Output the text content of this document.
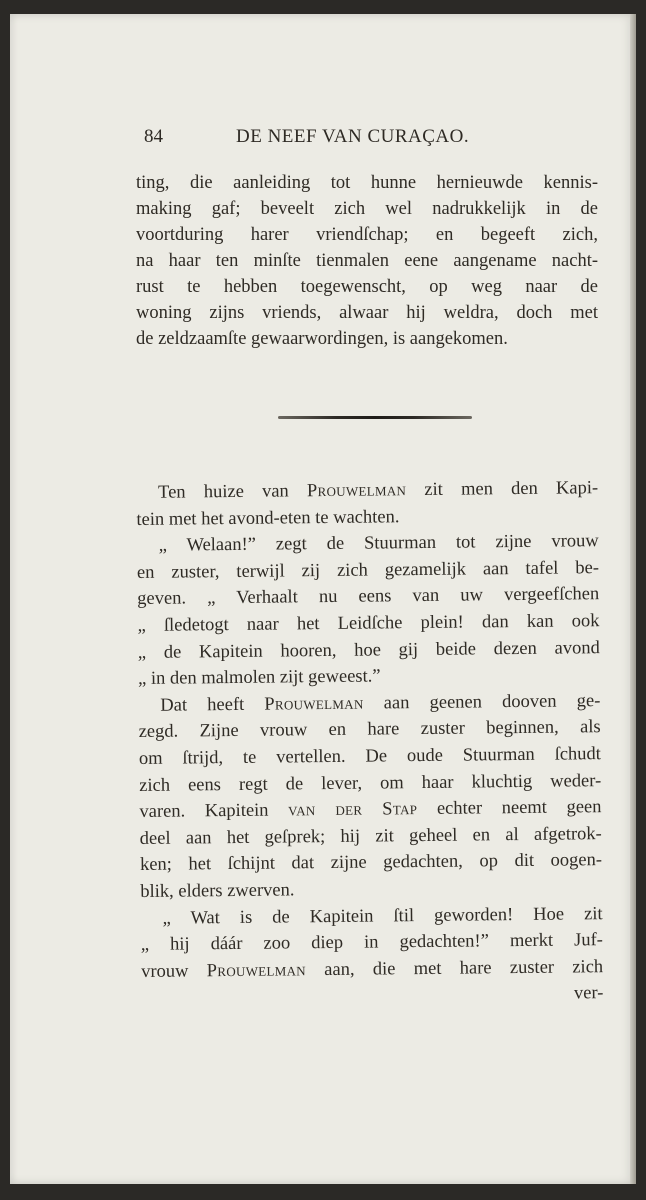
84	DE NEEF VAN CURAÇAO.

ting, die aanleiding tot hunne hernieuwde kennis-

making gaf; beveelt zich wel nadrukkelijk in de

voortduring harer vriendſchap; en begeeft zich,

na haar ten minſte tienmalen eene aangename nacht-

rust te hebben toegewenscht, op weg naar de

woning zijns vriends, alwaar hij weldra, doch met

de zeldzaamſte gewaarwordingen, is aangekomen.

Ten huize van Prouwelman zit men den Kapi-

tein met het avond-eten te wachten.

„ Welaan!” zegt de Stuurman tot zijne vrouw

en zuster, terwijl zij zich gezamelijk aan tafel be-

geven. „ Verhaalt nu eens van uw vergeefſchen

„ ſledetogt naar het Leidſche plein! dan kan ook

„ de Kapitein hooren, hoe gij beide dezen avond

„ in den malmolen zijt geweest.”

Dat heeft Prouwelman aan geenen dooven ge-

zegd. Zijne vrouw en hare zuster beginnen, als

om ſtrijd, te vertellen. De oude Stuurman ſchudt

zich eens regt de lever, om haar kluchtig weder-

varen. Kapitein van der Stap echter neemt geen

deel aan het geſprek; hij zit geheel en al afgetrok-

ken; het ſchijnt dat zijne gedachten, op dit oogen-

blik, elders zwerven.

„ Wat is de Kapitein ſtil geworden! Hoe zit

„ hij dáár zoo diep in gedachten!” merkt Juf-

vrouw Prouwelman aan, die met hare zuster zich

ver-
